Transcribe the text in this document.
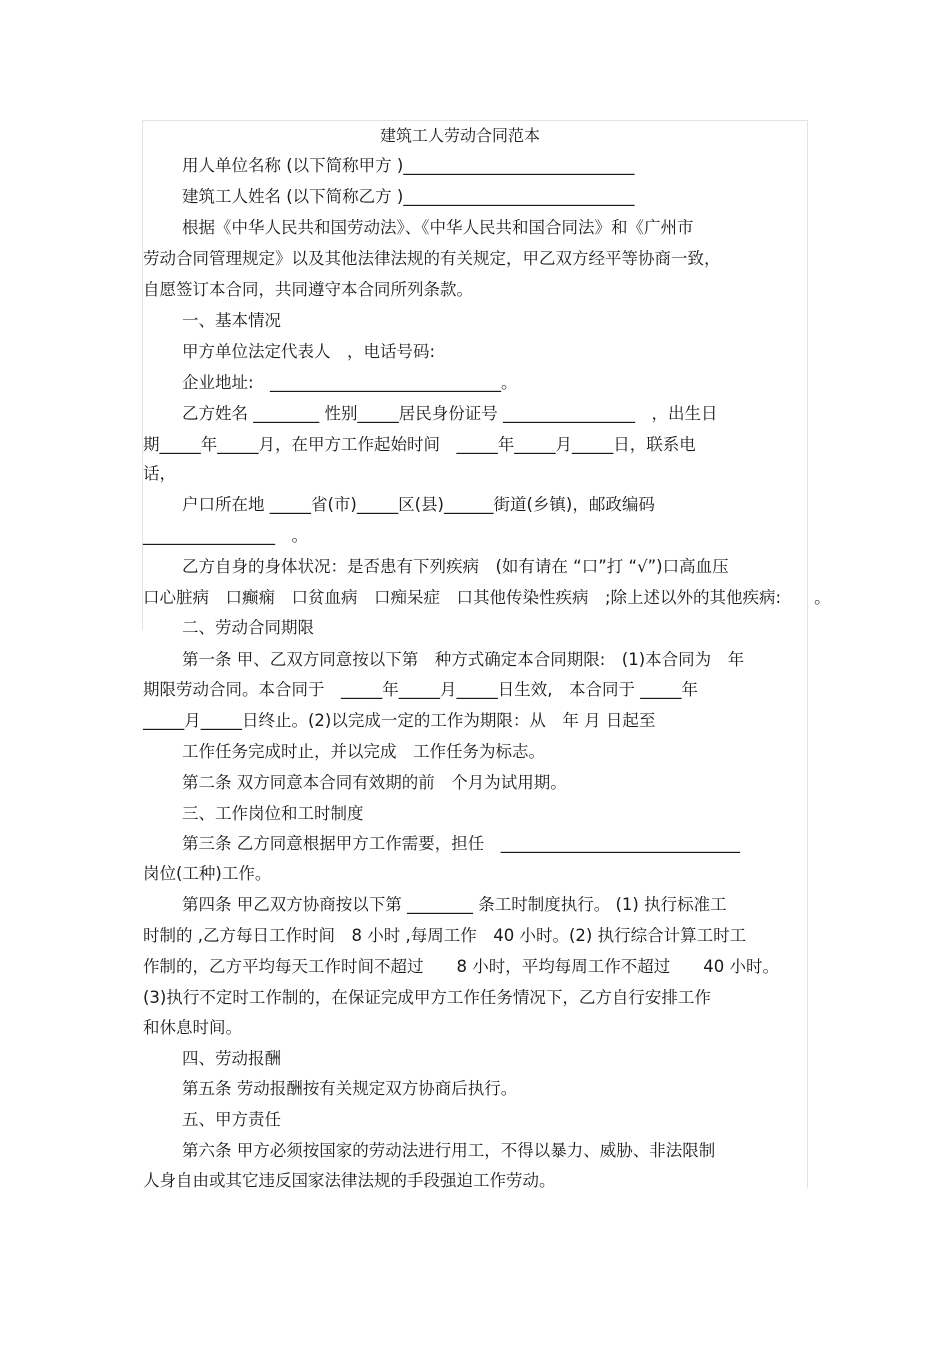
建筑工人劳动合同范本
用人单位名称 (以下简称甲方 )____________________________
建筑工人姓名 (以下简称乙方 )____________________________
根据《中华人民共和国劳动法》、《中华人民共和国合同法》和《广州市
劳动合同管理规定》以及其他法律法规的有关规定，甲乙双方经平等协商一致，
自愿签订本合同，共同遵守本合同所列条款。
一、基本情况
甲方单位法定代表人　，电话号码:
企业地址:　____________________________。
乙方姓名 ________ 性别_____居民身份证号 ________________　，出生日
期_____年_____月，在甲方工作起始时间　_____年_____月_____日，联系电
话，
户口所在地 _____省(市)_____区(县)______街道(乡镇)，邮政编码
________________　。
乙方自身的身体状况：是否患有下列疾病　(如有请在 “口”打 “√”)口高血压
口心脏病　口癫痫　口贫血病　口痴呆症　口其他传染性疾病　;除上述以外的其他疾病:　　。
二、劳动合同期限
第一条 甲、乙双方同意按以下第　种方式确定本合同期限:　(1)本合同为　年
期限劳动合同。本合同于　_____年_____月_____日生效,　本合同于 _____年
_____月_____日终止。(2)以完成一定的工作为期限：从　年 月 日起至
工作任务完成时止，并以完成　工作任务为标志。
第二条 双方同意本合同有效期的前　个月为试用期。
三、工作岗位和工时制度
第三条 乙方同意根据甲方工作需要，担任　_____________________________
岗位(工种)工作。
第四条 甲乙双方协商按以下第 ________ 条工时制度执行。 (1) 执行标准工
时制的 ,乙方每日工作时间　8 小时 ,每周工作　40 小时。(2) 执行综合计算工时工
作制的，乙方平均每天工作时间不超过　　8 小时，平均每周工作不超过　　40 小时。
(3)执行不定时工作制的，在保证完成甲方工作任务情况下，乙方自行安排工作
和休息时间。
四、劳动报酬
第五条 劳动报酬按有关规定双方协商后执行。
五、甲方责任
第六条 甲方必须按国家的劳动法进行用工，不得以暴力、威胁、非法限制
人身自由或其它违反国家法律法规的手段强迫工作劳动。
